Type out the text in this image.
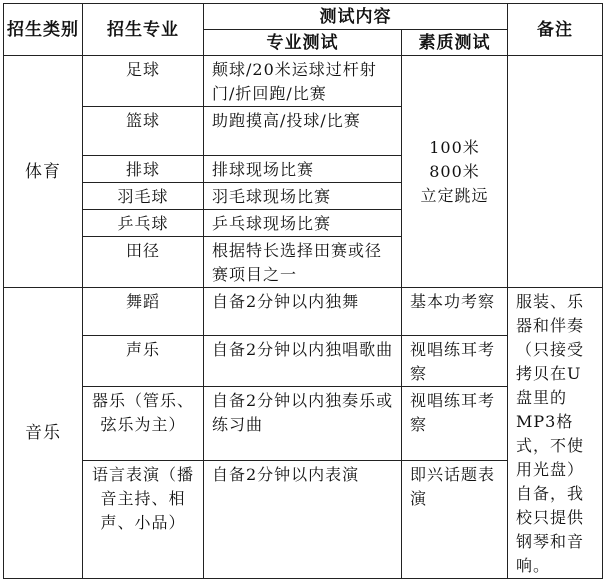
招生类别	招生专业	测试内容		备注
		专业测试	素质测试	
体育	足球	颠球/20米运球过杆射门/折回跑/比赛	100米
800米
立定跳远	
	篮球	助跑摸高/投球/比赛		
	排球	排球现场比赛		
	羽毛球	羽毛球现场比赛		
	乒乓球	乒乓球现场比赛		
	田径	根据特长选择田赛或径赛项目之一		
音乐	舞蹈	自备2分钟以内独舞	基本功考察	服装、乐器和伴奏（只接受拷贝在U盘里的MP3格式，不使用光盘）自备，我校只提供钢琴和音响。
	声乐	自备2分钟以内独唱歌曲	视唱练耳考察	
	器乐（管乐、弦乐为主）	自备2分钟以内独奏乐或练习曲	视唱练耳考察	
	语言表演（播音主持、相声、小品）	自备2分钟以内表演	即兴话题表演	
